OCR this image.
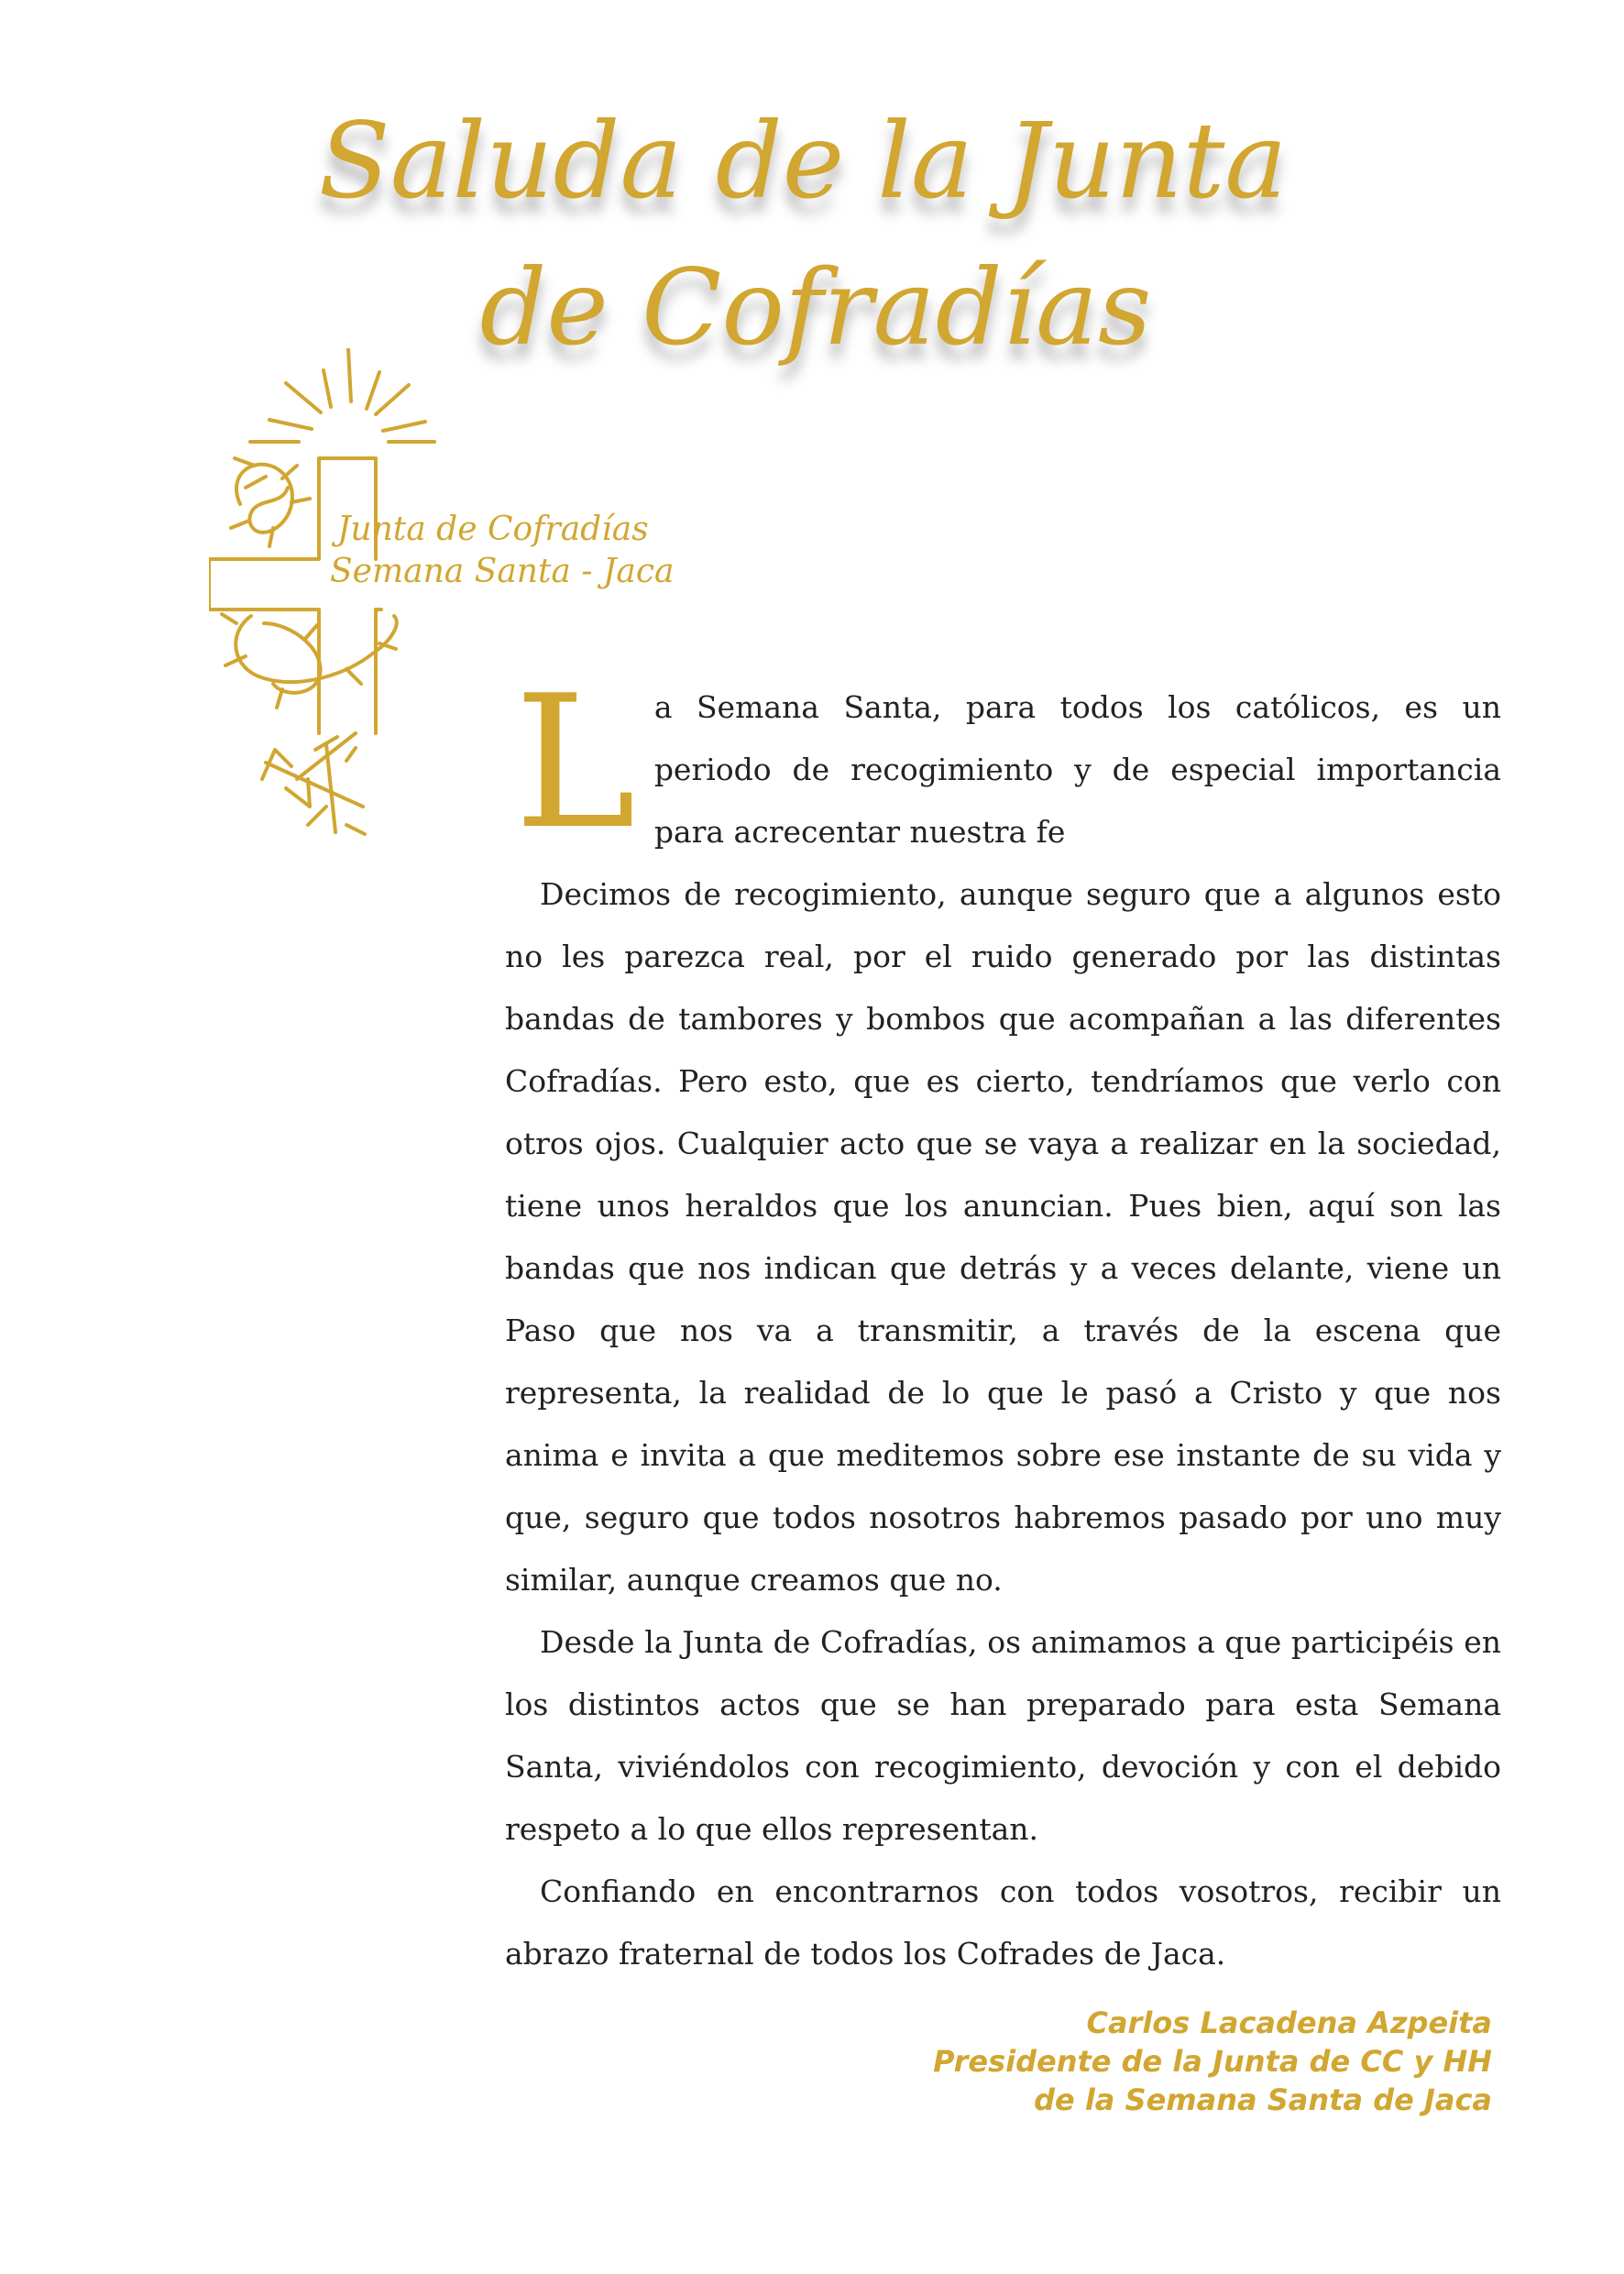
Saluda de la Junta
de Cofradías
Junta de Cofradías
Semana Santa - Jaca

La Semana Santa, para todos los católicos, es un periodo de recogimiento y de especial importancia para acrecentar nuestra fe

Decimos de recogimiento, aunque seguro que a algunos esto no les parezca real, por el ruido generado por las distintas bandas de tambores y bombos que acompañan a las diferentes Cofradías. Pero esto, que es cierto, tendríamos que verlo con otros ojos. Cualquier acto que se vaya a realizar en la sociedad, tiene unos heraldos que los anuncian. Pues bien, aquí son las bandas que nos indican que detrás y a veces delante, viene un Paso que nos va a transmitir, a través de la escena que representa, la realidad de lo que le pasó a Cristo y que nos anima e invita a que meditemos sobre ese instante de su vida y que, seguro que todos nosotros habremos pasado por uno muy similar, aunque creamos que no.

Desde la Junta de Cofradías, os animamos a que participéis en los distintos actos que se han preparado para esta Semana Santa, viviéndolos con recogimiento, devoción y con el debido respeto a lo que ellos representan.

Confiando en encontrarnos con todos vosotros, recibir un abrazo fraternal de todos los Cofrades de Jaca.

Carlos Lacadena Azpeita
Presidente de la Junta de CC y HH
de la Semana Santa de Jaca
